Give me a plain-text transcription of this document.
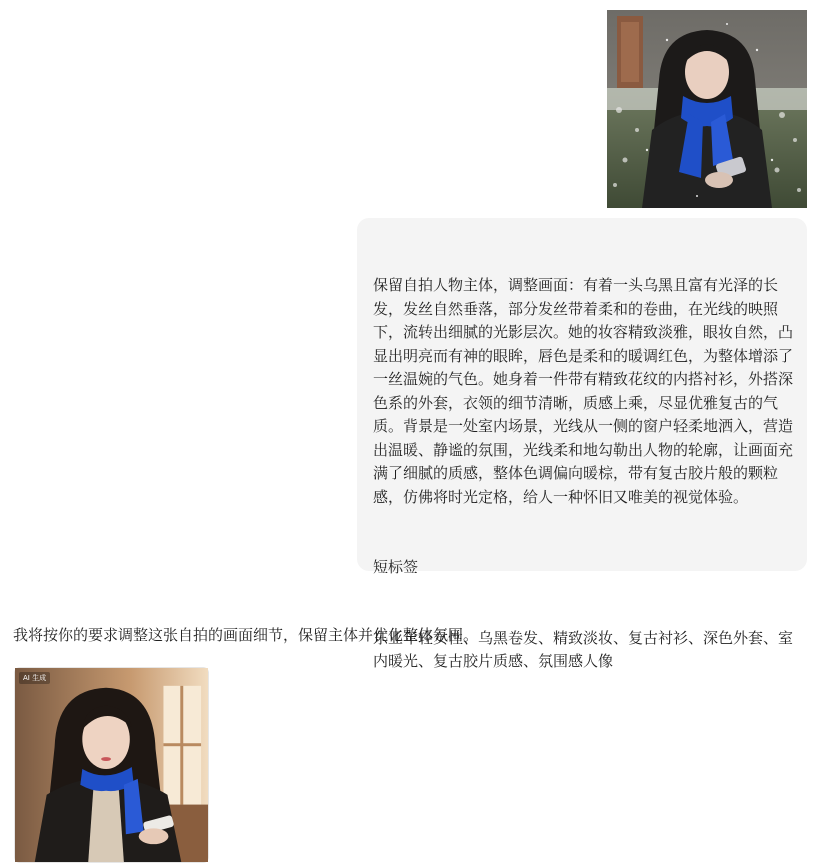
保留自拍人物主体，调整画面：有着一头乌黑且富有光泽的长发，发丝自然垂落，部分发丝带着柔和的卷曲，在光线的映照下，流转出细腻的光影层次。她的妆容精致淡雅，眼妆自然，凸显出明亮而有神的眼眸，唇色是柔和的暖调红色，为整体增添了一丝温婉的气色。她身着一件带有精致花纹的内搭衬衫，外搭深色系的外套，衣领的细节清晰，质感上乘，尽显优雅复古的气质。背景是一处室内场景，光线从一侧的窗户轻柔地洒入，营造出温暖、静谧的氛围，光线柔和地勾勒出人物的轮廓，让画面充满了细腻的质感，整体色调偏向暖棕，带有复古胶片般的颗粒感，仿佛将时光定格，给人一种怀旧又唯美的视觉体验。

短标签

东亚年轻女性、乌黑卷发、精致淡妆、复古衬衫、深色外套、室内暖光、复古胶片质感、氛围感人像

我将按你的要求调整这张自拍的画面细节，保留主体并优化整体氛围。
AI 生成
